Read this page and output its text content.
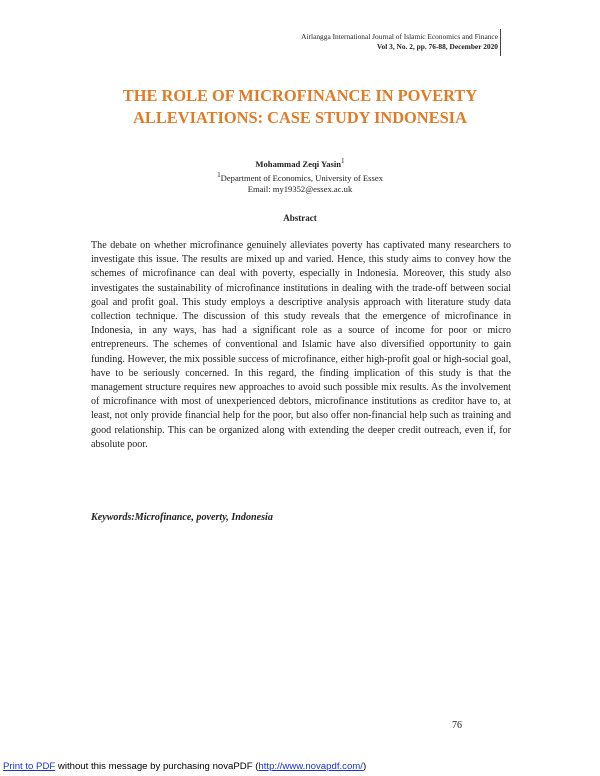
Airlangga International Journal of Islamic Economics and Finance
Vol 3, No. 2, pp. 76-88, December 2020
THE ROLE OF MICROFINANCE IN POVERTY
ALLEVIATIONS: CASE STUDY INDONESIA
Mohammad Zeqi Yasin$^1$
$^1$Department of Economics, University of Essex
Email: my19352@essex.ac.uk
Abstract

The debate on whether microfinance genuinely alleviates poverty has captivated many researchers to investigate this issue. The results are mixed up and varied. Hence, this study aims to convey how the schemes of microfinance can deal with poverty, especially in Indonesia. Moreover, this study also investigates the sustainability of microfinance institutions in dealing with the trade-off between social goal and profit goal. This study employs a descriptive analysis approach with literature study data collection technique. The discussion of this study reveals that the emergence of microfinance in Indonesia, in any ways, has had a significant role as a source of income for poor or micro entrepreneurs. The schemes of conventional and Islamic have also diversified opportunity to gain funding. However, the mix possible success of microfinance, either high-profit goal or high-social goal, have to be seriously concerned. In this regard, the finding implication of this study is that the management structure requires new approaches to avoid such possible mix results. As the involvement of microfinance with most of unexperienced debtors, microfinance institutions as creditor have to, at least, not only provide financial help for the poor, but also offer non-financial help such as training and good relationship. This can be organized along with extending the deeper credit outreach, even if, for absolute poor.

Keywords:Microfinance, poverty, Indonesia
76
Print to PDF without this message by purchasing novaPDF (http://www.novapdf.com/)
